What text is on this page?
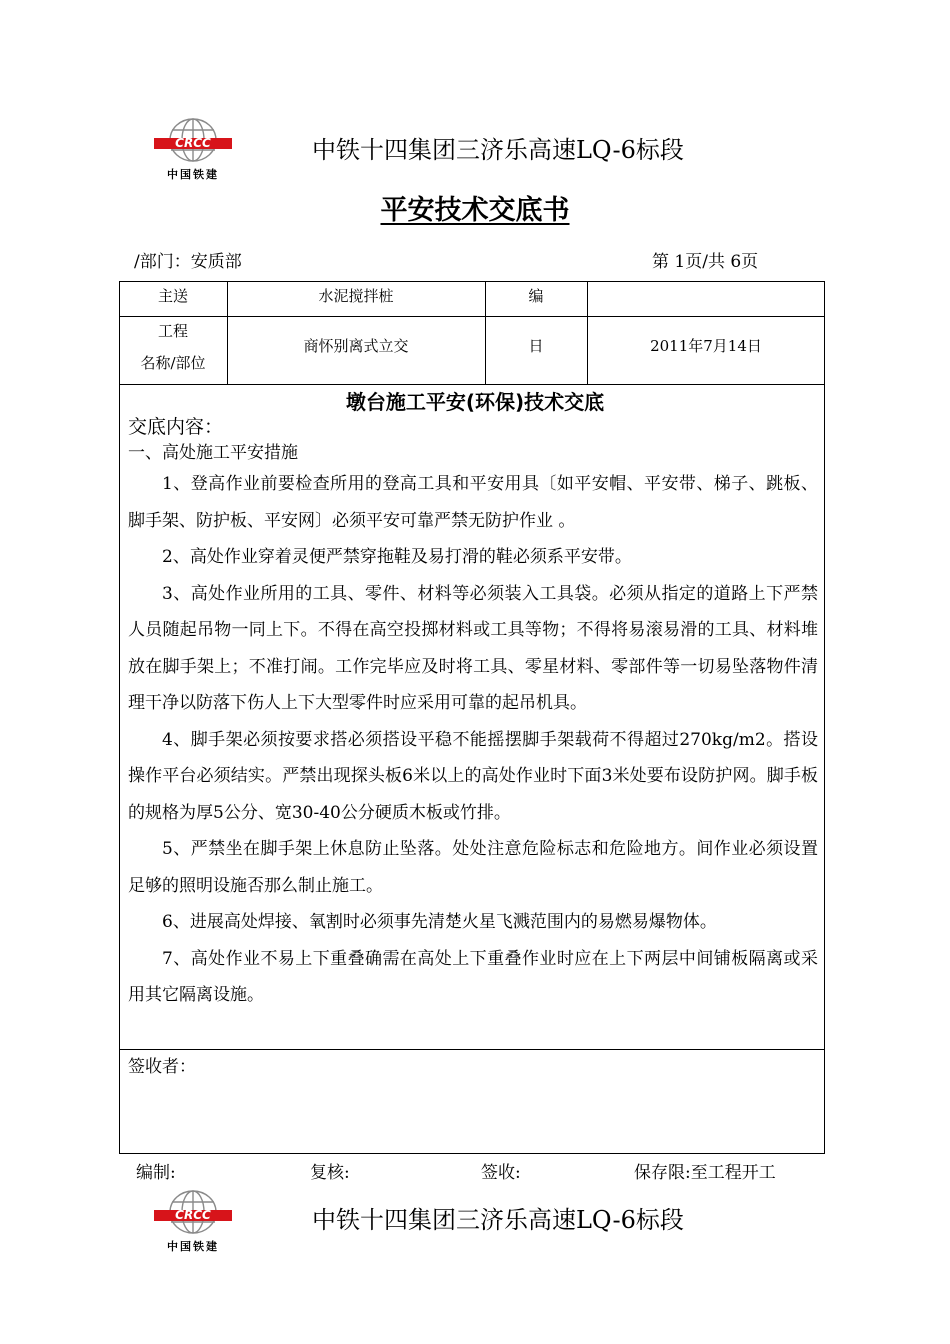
CRCC
中国铁建
中铁十四集团三济乐高速LQ-6标段
平安技术交底书
/部门：安质部	第 1页/共 6页
主送	水泥搅拌桩	编
工程
名称/部位
商怀别离式立交	日	2011年7月14日
墩台施工平安(环保)技术交底
交底内容：
一、高处施工平安措施

1、登高作业前要检查所用的登高工具和平安用具〔如平安帽、平安带、梯子、跳板、脚手架、防护板、平安网〕必须平安可靠严禁无防护作业 。

2、高处作业穿着灵便严禁穿拖鞋及易打滑的鞋必须系平安带。

3、高处作业所用的工具、零件、材料等必须装入工具袋。必须从指定的道路上下严禁人员随起吊物一同上下。不得在高空投掷材料或工具等物；不得将易滚易滑的工具、材料堆放在脚手架上；不准打闹。工作完毕应及时将工具、零星材料、零部件等一切易坠落物件清理干净以防落下伤人上下大型零件时应采用可靠的起吊机具。

4、脚手架必须按要求搭必须搭设平稳不能摇摆脚手架载荷不得超过270kg/m2。搭设操作平台必须结实。严禁出现探头板6米以上的高处作业时下面3米处要布设防护网。脚手板的规格为厚5公分、宽30-40公分硬质木板或竹排。

5、严禁坐在脚手架上休息防止坠落。处处注意危险标志和危险地方。间作业必须设置足够的照明设施否那么制止施工。

6、进展高处焊接、氧割时必须事先清楚火星飞溅范围内的易燃易爆物体。

7、高处作业不易上下重叠确需在高处上下重叠作业时应在上下两层中间铺板隔离或采用其它隔离设施。

签收者：
编制:	复核:	签收:	保存限:至工程开工
CRCC
中国铁建
中铁十四集团三济乐高速LQ-6标段
